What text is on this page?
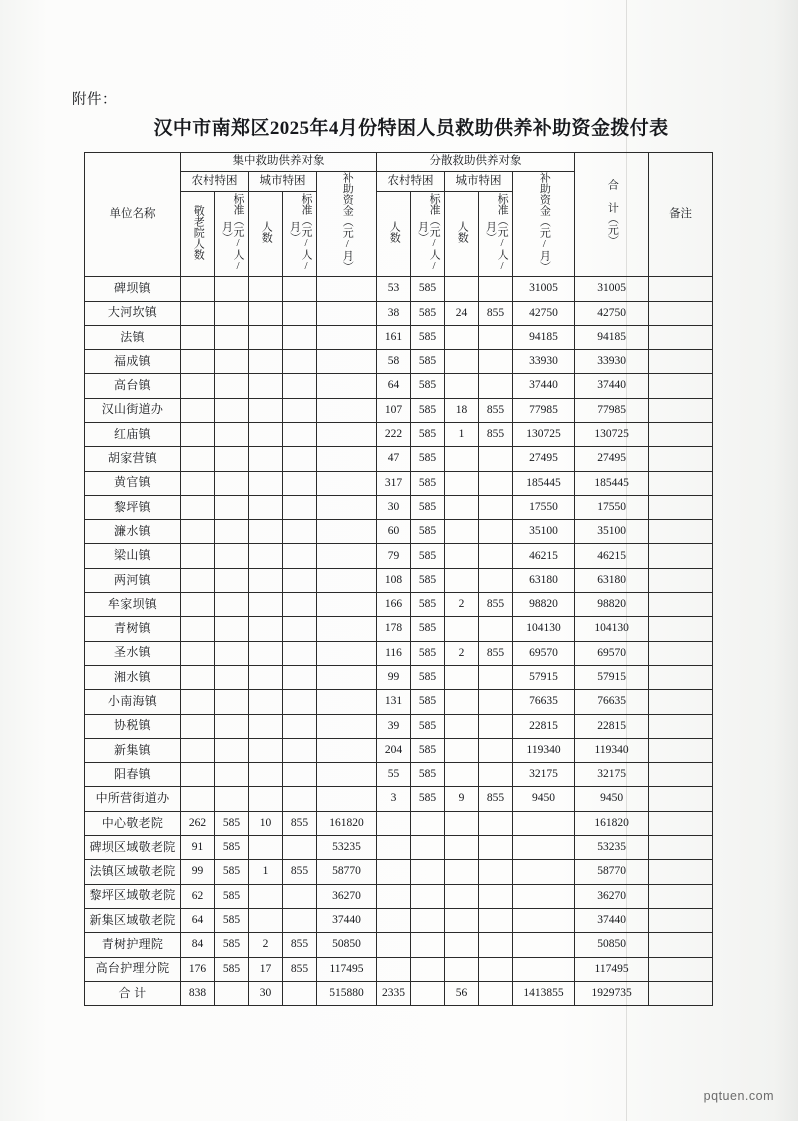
附件：
汉中市南郑区2025年4月份特困人员救助供养补助资金拨付表
单位名称	集中救助供养对象					分散救助供养对象					合 计（元）	备注
	农村特困		城市特困		补助资金（元/月）	农村特困		城市特困		补助资金（元/月）		
	敬老院人数	标准（元/人/月）	人数	标准（元/人/月）		人数	标准（元/人/月）	人数	标准（元/人/月）			
碑坝镇						53	585			31005	31005	
大河坎镇						38	585	24	855	42750	42750	
法镇						161	585			94185	94185	
福成镇						58	585			33930	33930	
高台镇						64	585			37440	37440	
汉山街道办						107	585	18	855	77985	77985	
红庙镇						222	585	1	855	130725	130725	
胡家营镇						47	585			27495	27495	
黄官镇						317	585			185445	185445	
黎坪镇						30	585			17550	17550	
濂水镇						60	585			35100	35100	
梁山镇						79	585			46215	46215	
两河镇						108	585			63180	63180	
牟家坝镇						166	585	2	855	98820	98820	
青树镇						178	585			104130	104130	
圣水镇						116	585	2	855	69570	69570	
湘水镇						99	585			57915	57915	
小南海镇						131	585			76635	76635	
协税镇						39	585			22815	22815	
新集镇						204	585			119340	119340	
阳春镇						55	585			32175	32175	
中所营街道办						3	585	9	855	9450	9450	
中心敬老院	262	585	10	855	161820						161820	
碑坝区域敬老院	91	585			53235						53235	
法镇区域敬老院	99	585	1	855	58770						58770	
黎坪区域敬老院	62	585			36270						36270	
新集区域敬老院	64	585			37440						37440	
青树护理院	84	585	2	855	50850						50850	
高台护理分院	176	585	17	855	117495						117495	
合 计	838		30		515880	2335		56		1413855	1929735	
pqtuen.com
